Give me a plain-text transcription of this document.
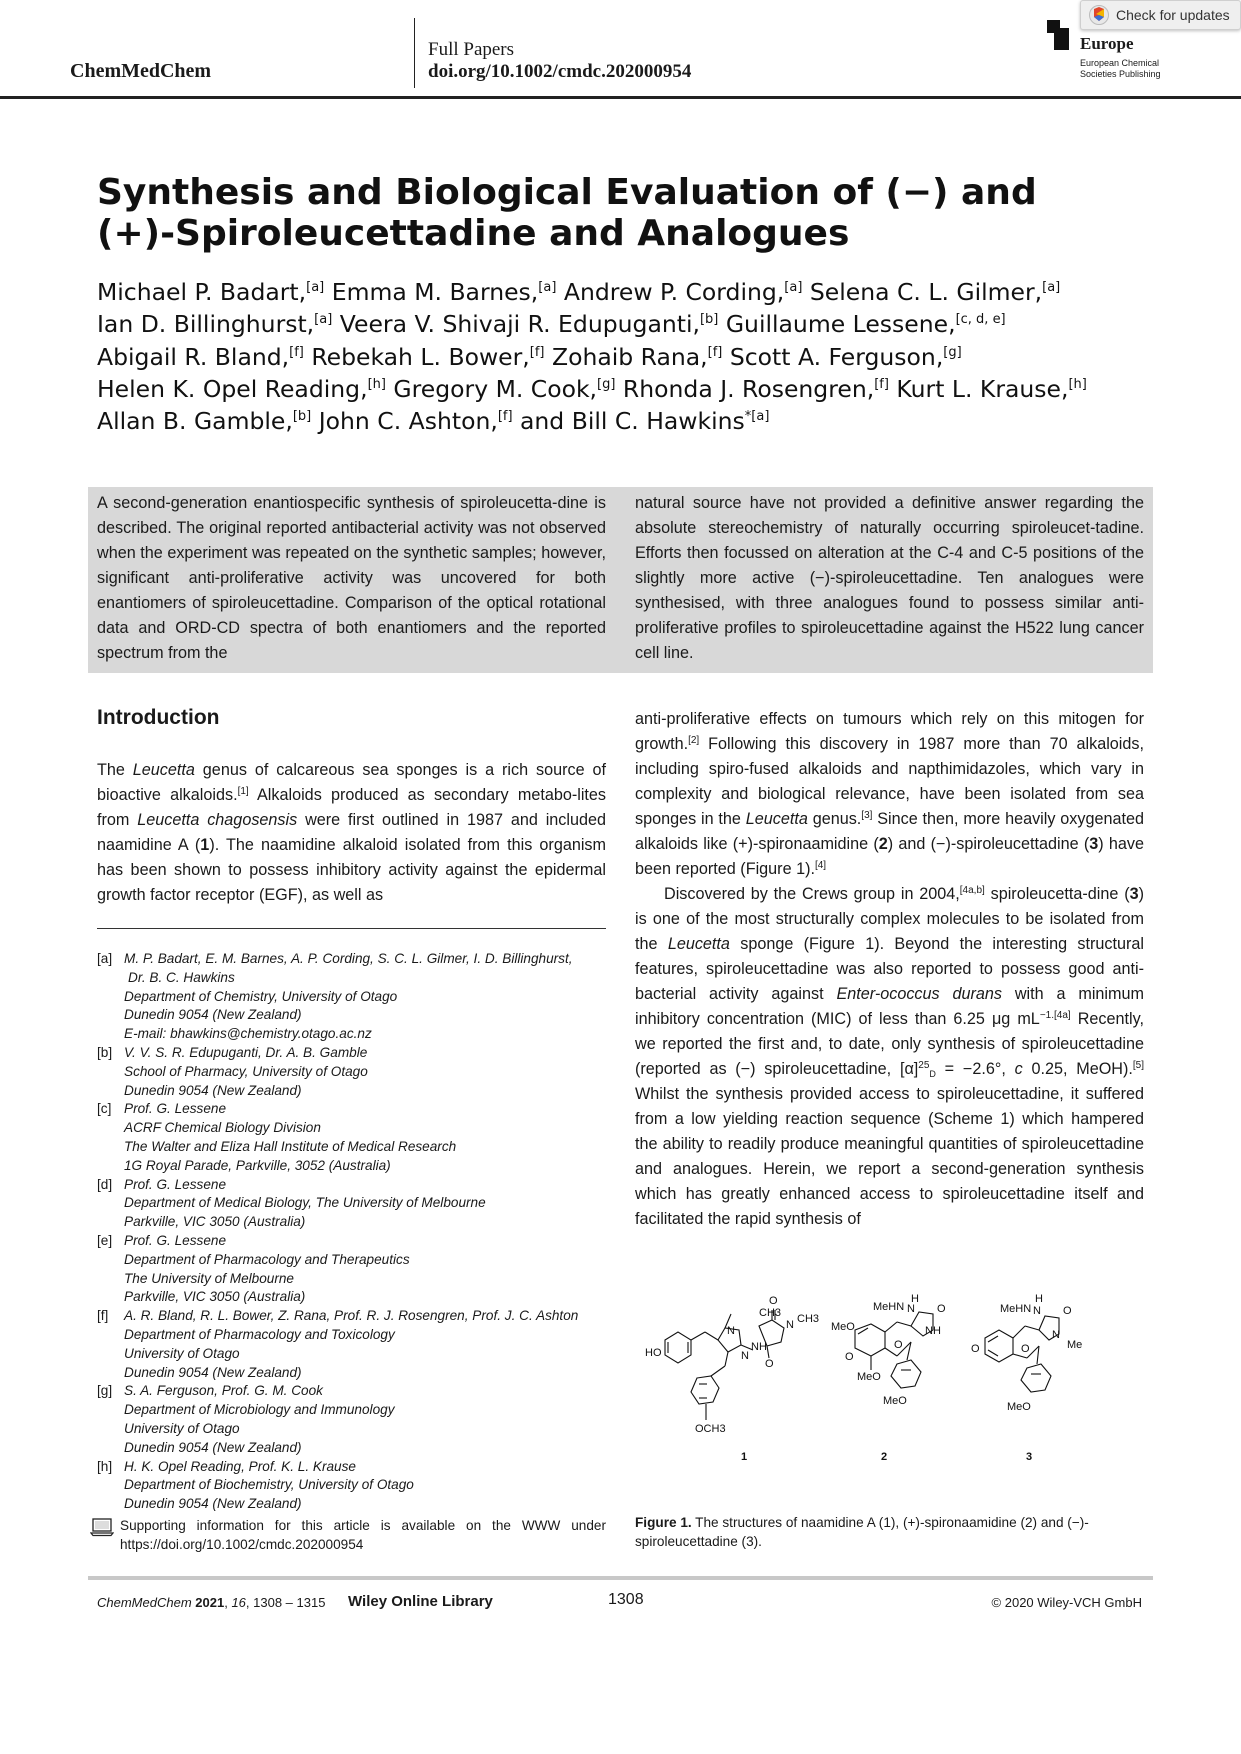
ChemMedChem
Full Papers
doi.org/10.1002/cmdc.202000954
Europe
European Chemical
Societies Publishing
Check for updates
Synthesis and Biological Evaluation of (−) and
(+)-Spiroleucettadine and Analogues
Michael P. Badart,[a] Emma M. Barnes,[a] Andrew P. Cording,[a] Selena C. L. Gilmer,[a]
Ian D. Billinghurst,[a] Veera V. Shivaji R. Edupuganti,[b] Guillaume Lessene,[c, d, e]
Abigail R. Bland,[f] Rebekah L. Bower,[f] Zohaib Rana,[f] Scott A. Ferguson,[g]
Helen K. Opel Reading,[h] Gregory M. Cook,[g] Rhonda J. Rosengren,[f] Kurt L. Krause,[h]
Allan B. Gamble,[b] John C. Ashton,[f] and Bill C. Hawkins$^{*[a]}$
A second-generation enantiospecific synthesis of spiroleucetta-dine is described. The original reported antibacterial activity was not observed when the experiment was repeated on the synthetic samples; however, significant anti-proliferative activity was uncovered for both enantiomers of spiroleucettadine. Comparison of the optical rotational data and ORD-CD spectra of both enantiomers and the reported spectrum from the
natural source have not provided a definitive answer regarding the absolute stereochemistry of naturally occurring spiroleucet-tadine. Efforts then focussed on alteration at the C-4 and C-5 positions of the slightly more active (−)-spiroleucettadine. Ten analogues were synthesised, with three analogues found to possess similar anti-proliferative profiles to spiroleucettadine against the H522 lung cancer cell line.
Introduction
The Leucetta genus of calcareous sea sponges is a rich source of bioactive alkaloids.[1] Alkaloids produced as secondary metabo-lites from Leucetta chagosensis were first outlined in 1987 and included naamidine A (1). The naamidine alkaloid isolated from this organism has been shown to possess inhibitory activity against the epidermal growth factor receptor (EGF), as well as
anti-proliferative effects on tumours which rely on this mitogen for growth.[2] Following this discovery in 1987 more than 70 alkaloids, including spiro-fused alkaloids and napthimidazoles, which vary in complexity and biological relevance, have been isolated from sea sponges in the Leucetta genus.[3] Since then, more heavily oxygenated alkaloids like (+)-spironaamidine (2) and (−)-spiroleucettadine (3) have been reported (Figure 1).[4]
Discovered by the Crews group in 2004,[4a,b] spiroleucetta-dine (3) is one of the most structurally complex molecules to be isolated from the Leucetta sponge (Figure 1). Beyond the interesting structural features, spiroleucettadine was also reported to possess good anti-bacterial activity against Enter-ococcus durans with a minimum inhibitory concentration (MIC) of less than 6.25 μg $mL^{-1.[4a]}$ Recently, we reported the first and, to date, only synthesis of spiroleucettadine (reported as (−) spiroleucettadine, $[\alpha]^{25}_D = -2.6^\circ$, c 0.25, MeOH).[5] Whilst the synthesis provided access to spiroleucettadine, it suffered from a low yielding reaction sequence (Scheme 1) which hampered the ability to readily produce meaningful quantities of spiroleucettadine and analogues. Herein, we report a second-generation synthesis which has greatly enhanced access to spiroleucettadine itself and facilitated the rapid synthesis of
[a] M. P. Badart, E. M. Barnes, A. P. Cording, S. C. L. Gilmer, I. D. Billinghurst,
Dr. B. C. Hawkins
Department of Chemistry, University of Otago
Dunedin 9054 (New Zealand)
E-mail: bhawkins@chemistry.otago.ac.nz
[b] V. V. S. R. Edupuganti, Dr. A. B. Gamble
School of Pharmacy, University of Otago
Dunedin 9054 (New Zealand)
[c] Prof. G. Lessene
ACRF Chemical Biology Division
The Walter and Eliza Hall Institute of Medical Research
1G Royal Parade, Parkville, 3052 (Australia)
[d] Prof. G. Lessene
Department of Medical Biology, The University of Melbourne
Parkville, VIC 3050 (Australia)
[e] Prof. G. Lessene
Department of Pharmacology and Therapeutics
The University of Melbourne
Parkville, VIC 3050 (Australia)
[f]	A. R. Bland, R. L. Bower, Z. Rana, Prof. R. J. Rosengren, Prof. J. C. Ashton
Department of Pharmacology and Toxicology
University of Otago
Dunedin 9054 (New Zealand)
[g] S. A. Ferguson, Prof. G. M. Cook
Department of Microbiology and Immunology
University of Otago
Dunedin 9054 (New Zealand)
[h] H. K. Opel Reading, Prof. K. L. Krause
Department of Biochemistry, University of Otago
Dunedin 9054 (New Zealand)
Supporting information for this article is available on the WWW under https://doi.org/10.1002/cmdc.202000954
CH3
O
N CH3
N
N
NH
O
HO
OCH3
1
H
MeHN N O
MeO	NH
O
O
MeO
MeO
2
H
MeHN N O
N
Me
O	O
MeO
3
Figure 1. The structures of naamidine A (1), (+)-spironaamidine (2) and (−)-spiroleucettadine (3).
ChemMedChem 2021, 16, 1308 – 1315 Wiley Online Library	1308	© 2020 Wiley-VCH GmbH
